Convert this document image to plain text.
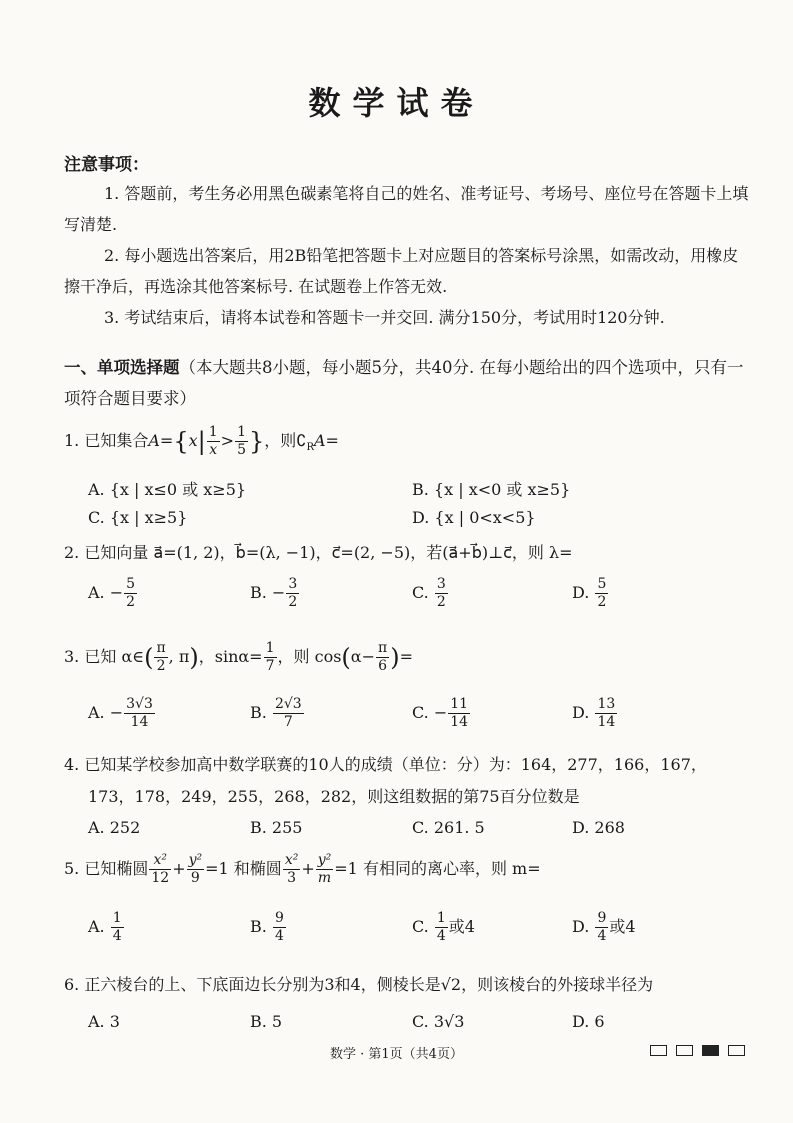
数学试卷
注意事项：
1. 答题前，考生务必用黑色碳素笔将自己的姓名、准考证号、考场号、座位号在答题卡上填写清楚.
2. 每小题选出答案后，用2B铅笔把答题卡上对应题目的答案标号涂黑，如需改动，用橡皮擦干净后，再选涂其他答案标号. 在试题卷上作答无效.
3. 考试结束后，请将本试卷和答题卡一并交回. 满分150分，考试用时120分钟.
一、单项选择题（本大题共8小题，每小题5分，共40分. 在每小题给出的四个选项中，只有一项符合题目要求）
1. 已知集合$A=\{x| \frac{1}{x} > \frac{1}{5}$ }，则$∁_RA=$
A. {x | x≤0 或 x≥5}	B. {x | x<0 或 x≥5}
C. {x | x≥5}	D. {x | 0<x<5}
2. 已知向量 a⃗=(1, 2)，b⃗=(λ, −1)，c⃗=(2, −5)，若(a⃗+b⃗)⊥c⃗，则 λ=
A. − $\frac{5}{2}$	B. − $\frac{3}{2}$	C. $\frac{3}{2}$	D. $\frac{5}{2}$
3. 已知 α∈( $\frac{\pi}{2}$ , π)，$\sin\alpha= \frac{1}{7}$ ，则 $\cos(\alpha- \frac{\pi}{6}$ )=
A. − $\frac{3√3}{14}$	B. $\frac{2√3}{7}$	C. − $\frac{11}{14}$	D. $\frac{13}{14}$
4. 已知某学校参加高中数学联赛的10人的成绩（单位：分）为：164，277，166，167，
173，178，249，255，268，282，则这组数据的第75百分位数是
A. 252	B. 255	C. 261. 5	D. 268
5. 已知椭圆 $\frac{\text{x²}}{12} + \frac{\text{y²}}{9} =1$ 和椭圆 $\frac{\text{x²}}{3} + \frac{\text{y²}}{m} =1$ 有相同的离心率，则 m=
A. $\frac{1}{4}$	B. $\frac{9}{4}$	C. $\frac{1}{4}$ 或4	D. $\frac{9}{4}$ 或4
6. 正六棱台的上、下底面边长分别为3和4，侧棱长是√2，则该棱台的外接球半径为
A. 3	B. 5	C. 3√3	D. 6
数学 · 第1页（共4页）
